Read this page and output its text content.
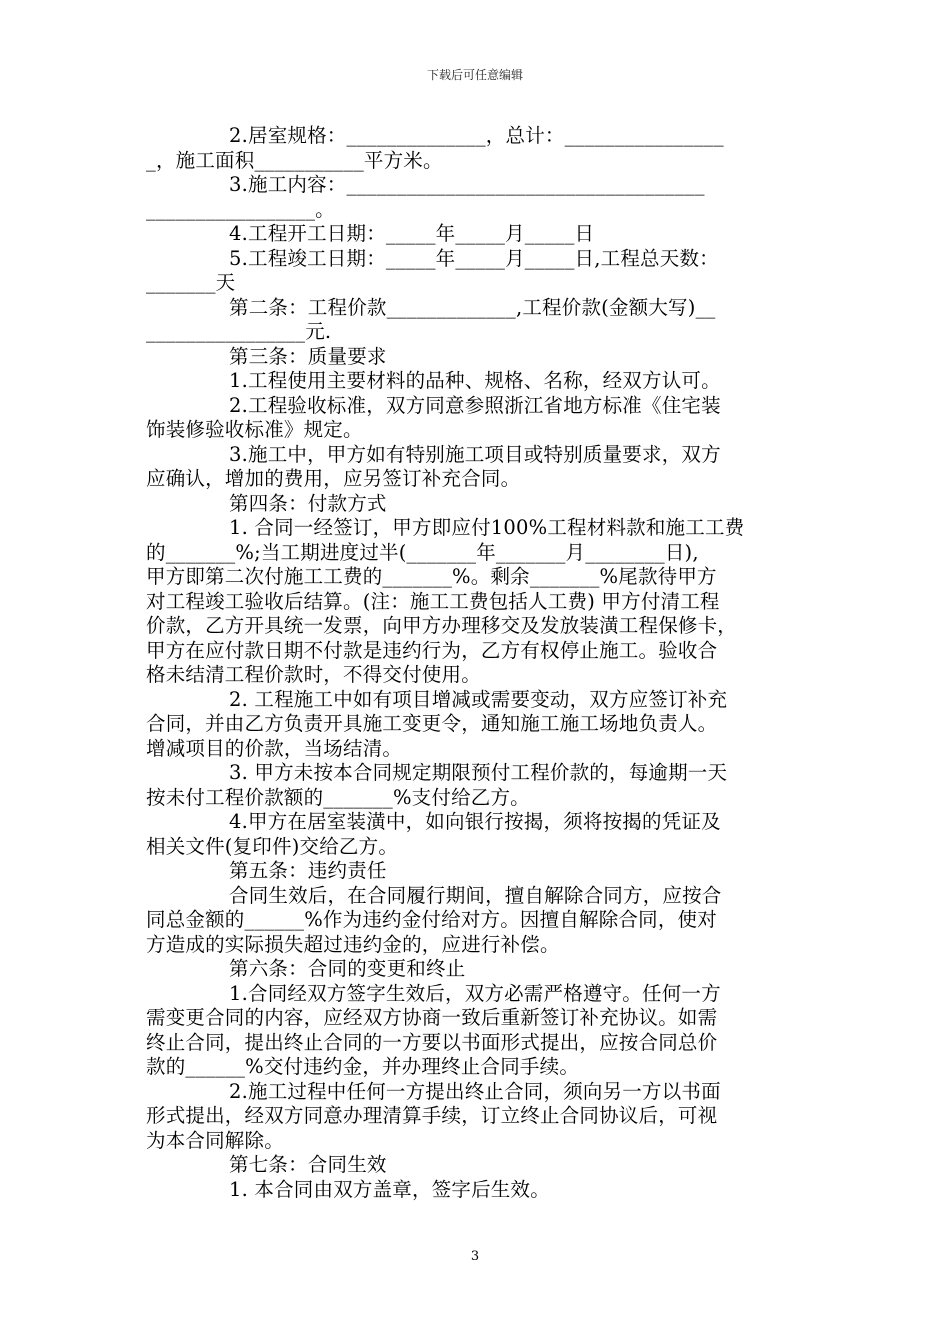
下载后可任意编辑
2.居室规格：______________，总计：________________
_，施工面积___________平方米。
3.施工内容：____________________________________
_________________。
4.工程开工日期：_____年_____月_____日
5.工程竣工日期：_____年_____月_____日,工程总天数：
_______天
第二条：工程价款_____________,工程价款(金额大写)__
________________元.
第三条：质量要求
1.工程使用主要材料的品种、规格、名称，经双方认可。
2.工程验收标准，双方同意参照浙江省地方标准《住宅装
饰装修验收标准》规定。
3.施工中，甲方如有特别施工项目或特别质量要求，双方
应确认，增加的费用，应另签订补充合同。
第四条：付款方式
1. 合同一经签订，甲方即应付100%工程材料款和施工工费
的_______%;当工期进度过半(_______年_______月________日),
甲方即第二次付施工工费的_______%。剩余_______%尾款待甲方
对工程竣工验收后结算。(注：施工工费包括人工费) 甲方付清工程
价款，乙方开具统一发票，向甲方办理移交及发放装潢工程保修卡，
甲方在应付款日期不付款是违约行为，乙方有权停止施工。验收合
格未结清工程价款时，不得交付使用。
2. 工程施工中如有项目增减或需要变动，双方应签订补充
合同，并由乙方负责开具施工变更令，通知施工施工场地负责人。
增减项目的价款，当场结清。
3. 甲方未按本合同规定期限预付工程价款的，每逾期一天
按未付工程价款额的_______%支付给乙方。
4.甲方在居室装潢中，如向银行按揭，须将按揭的凭证及
相关文件(复印件)交给乙方。
第五条：违约责任
合同生效后，在合同履行期间，擅自解除合同方，应按合
同总金额的______%作为违约金付给对方。因擅自解除合同，使对
方造成的实际损失超过违约金的，应进行补偿。
第六条：合同的变更和终止
1.合同经双方签字生效后，双方必需严格遵守。任何一方
需变更合同的内容，应经双方协商一致后重新签订补充协议。如需
终止合同，提出终止合同的一方要以书面形式提出，应按合同总价
款的______%交付违约金，并办理终止合同手续。
2.施工过程中任何一方提出终止合同，须向另一方以书面
形式提出，经双方同意办理清算手续，订立终止合同协议后，可视
为本合同解除。
第七条：合同生效
1. 本合同由双方盖章，签字后生效。
3
